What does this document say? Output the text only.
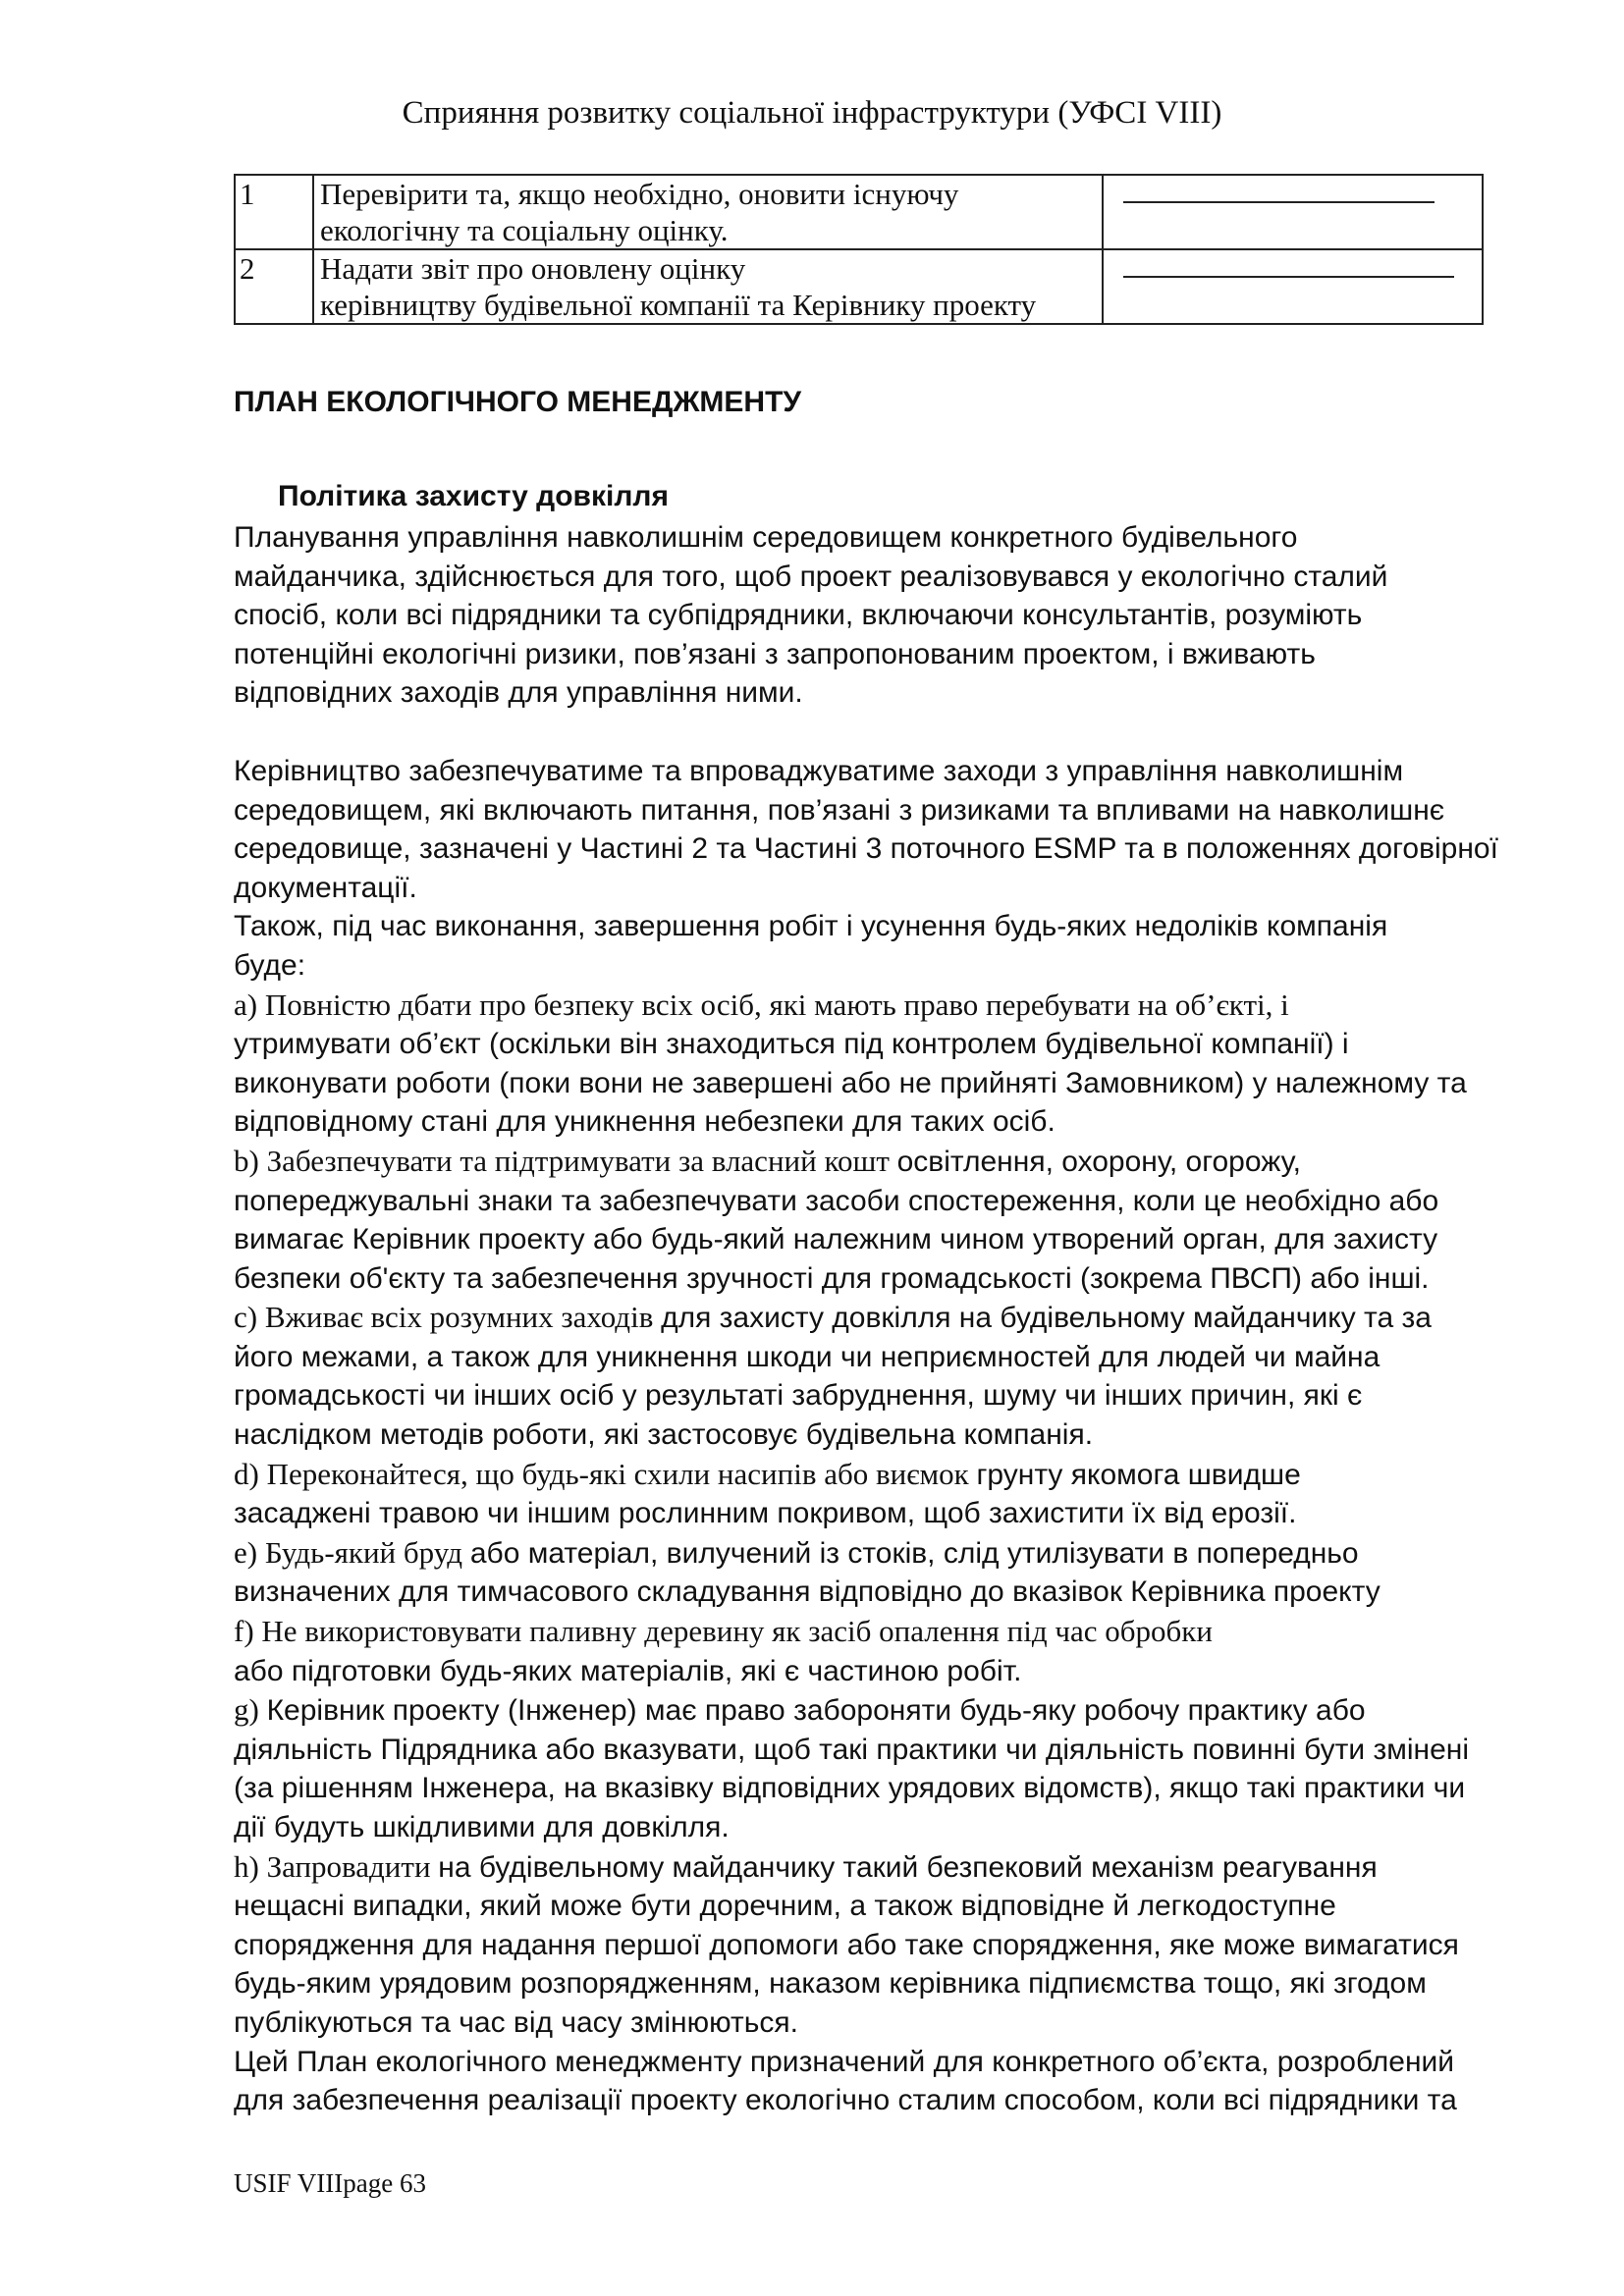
Сприяння розвитку соціальної інфраструктури (УФСІ VIII)
1	Перевірити та, якщо необхідно, оновити існуючу
екологічну та соціальну оцінку.	

2	Надати звіт про оновлену оцінку
керівництву будівельної компанії та Керівнику проекту	

ПЛАН ЕКОЛОГІЧНОГО МЕНЕДЖМЕНТУ
Політика захисту довкілля

Планування управління навколишнім середовищем конкретного будівельного

майданчика, здійснюється для того, щоб проект реалізовувався у екологічно сталий

спосіб, коли всі підрядники та субпідрядники, включаючи консультантів, розуміють

потенційні екологічні ризики, пов’язані з запропонованим проектом, і вживають

відповідних заходів для управління ними.

Керівництво забезпечуватиме та впроваджуватиме заходи з управління навколишнім

середовищем, які включають питання, пов’язані з ризиками та впливами на навколишнє

середовище, зазначені у Частині 2 та Частині 3 поточного ESMP та в положеннях договірної

документації.

Також, під час виконання, завершення робіт і усунення будь-яких недоліків компанія

буде:

a) Повністю дбати про безпеку всіх осіб, які мають право перебувати на об’єкті, і

утримувати об’єкт (оскільки він знаходиться під контролем будівельної компанії) і

виконувати роботи (поки вони не завершені або не прийняті Замовником) у належному та

відповідному стані для уникнення небезпеки для таких осіб.

b) Забезпечувати та підтримувати за власний кошт освітлення, охорону, огорожу,

попереджувальні знаки та забезпечувати засоби спостереження, коли це необхідно або

вимагає Керівник проекту або будь-який належним чином утворений орган, для захисту

безпеки об'єкту та забезпечення зручності для громадськості (зокрема ПВСП) або інші.

c) Вживає всіх розумних заходів для захисту довкілля на будівельному майданчику та за

його межами, а також для уникнення шкоди чи неприємностей для людей чи майна

громадськості чи інших осіб у результаті забруднення, шуму чи інших причин, які є

наслідком методів роботи, які застосовує будівельна компанія.

d) Переконайтеся, що будь-які схили насипів або виємок грунту якомога швидше

засаджені травою чи іншим рослинним покривом, щоб захистити їх від ерозії.

e) Будь-який бруд або матеріал, вилучений із стоків, слід утилізувати в попередньо

визначених для тимчасового складування відповідно до вказівок Керівника проекту

f) Не використовувати паливну деревину як засіб опалення під час обробки

або підготовки будь-яких матеріалів, які є частиною робіт.

g) Керівник проекту (Інженер) має право забороняти будь-яку робочу практику або

діяльність Підрядника або вказувати, щоб такі практики чи діяльність повинні бути змінені

(за рішенням Інженера, на вказівку відповідних урядових відомств), якщо такі практики чи

дії будуть шкідливими для довкілля.

h) Запровадити на будівельному майданчику такий безпековий механізм реагування

нещасні випадки, який може бути доречним, а також відповідне й легкодоступне

спорядження для надання першої допомоги або таке спорядження, яке може вимагатися

будь-яким урядовим розпорядженням, наказом керівника підпиємства тощо, які згодом

публікуються та час від часу змінюються.

Цей План екологічного менеджменту призначений для конкретного об’єкта, розроблений

для забезпечення реалізації проекту екологічно сталим способом, коли всі підрядники та

USIF VIIIpage 63
